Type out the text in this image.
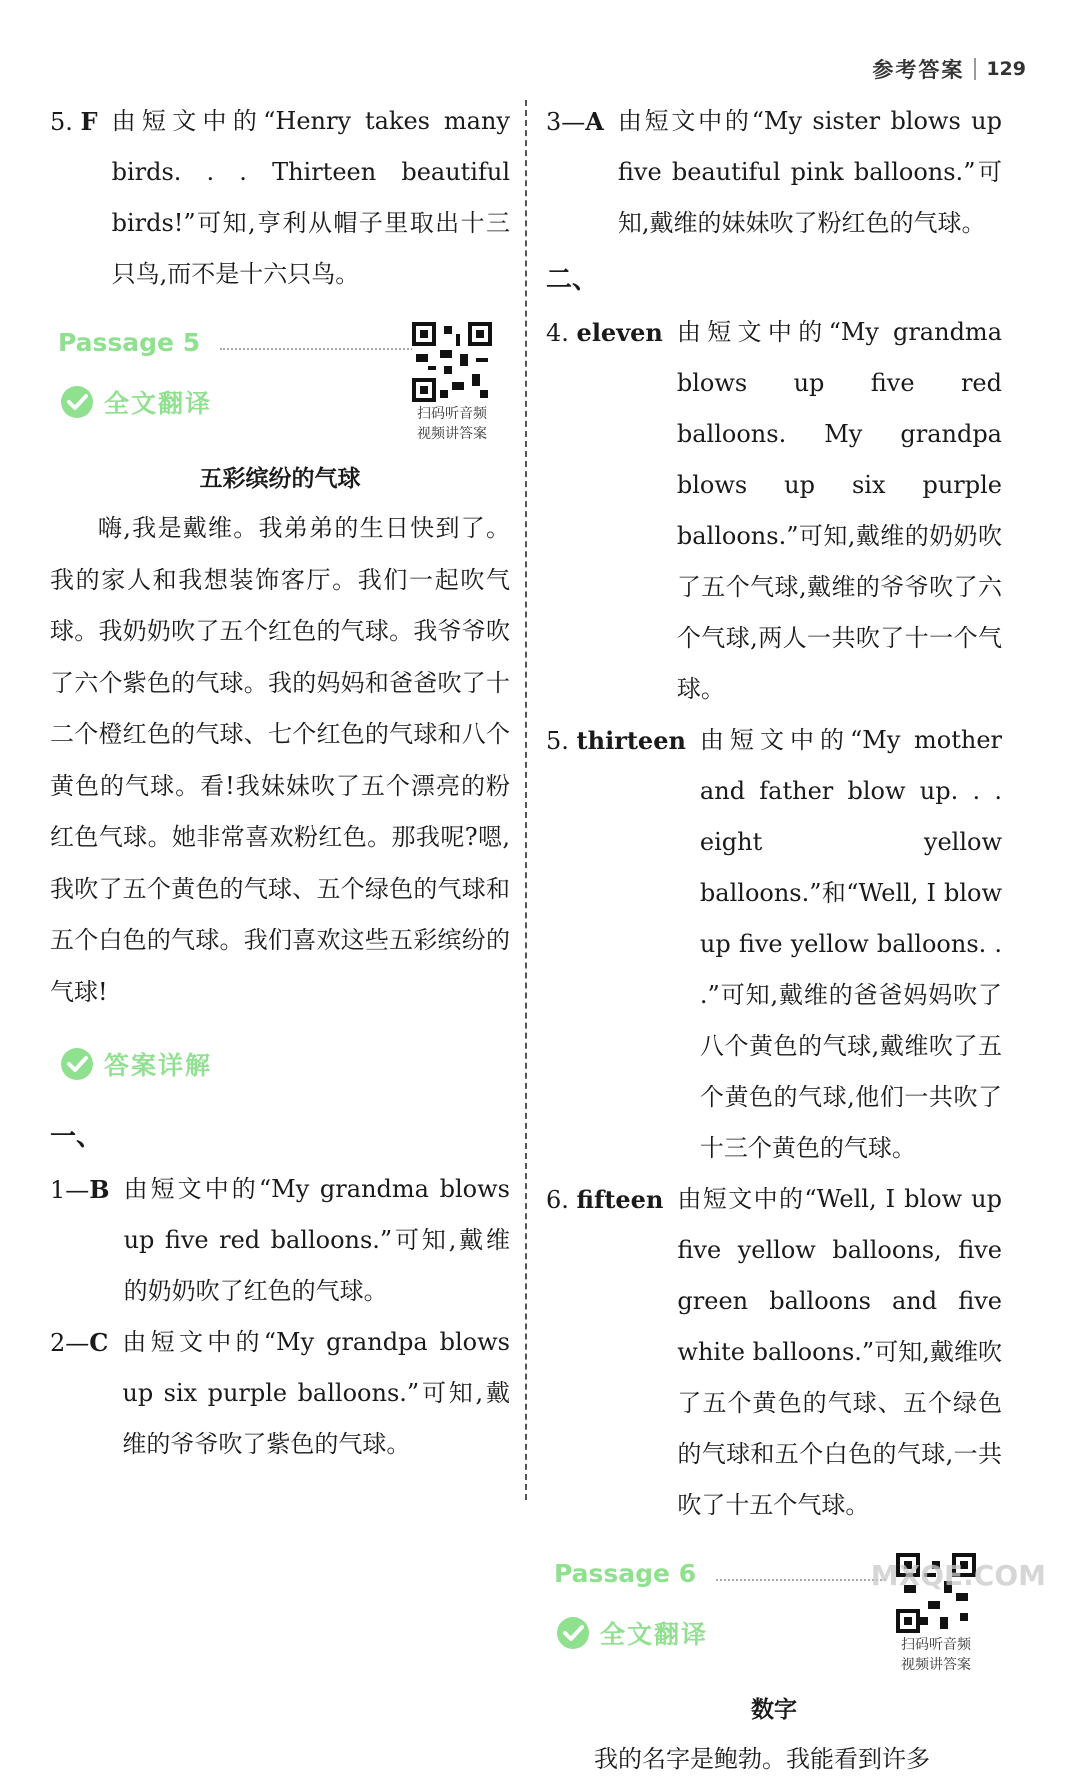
参考答案 129
5. F 由短文中的“Henry takes many birds. . . Thirteen beautiful birds!”可知,亨利从帽子里取出十三只鸟,而不是十六只鸟。
Passage 5
扫码听音频
视频讲答案
全文翻译
五彩缤纷的气球

嗨,我是戴维。我弟弟的生日快到了。我的家人和我想装饰客厅。我们一起吹气球。我奶奶吹了五个红色的气球。我爷爷吹了六个紫色的气球。我的妈妈和爸爸吹了十二个橙红色的气球、七个红色的气球和八个黄色的气球。看!我妹妹吹了五个漂亮的粉红色气球。她非常喜欢粉红色。那我呢?嗯,我吹了五个黄色的气球、五个绿色的气球和五个白色的气球。我们喜欢这些五彩缤纷的气球!

答案详解
一、
1—B 由短文中的“My grandma blows up five red balloons.”可知,戴维的奶奶吹了红色的气球。
2—C 由短文中的“My grandpa blows up six purple balloons.”可知,戴维的爷爷吹了紫色的气球。
3—A 由短文中的“My sister blows up five beautiful pink balloons.”可知,戴维的妹妹吹了粉红色的气球。
二、
4. eleven 由短文中的“My grandma blows up five red balloons. My grandpa blows up six purple balloons.”可知,戴维的奶奶吹了五个气球,戴维的爷爷吹了六个气球,两人一共吹了十一个气球。
5. thirteen 由短文中的“My mother and father blow up. . . eight yellow balloons.”和“Well, I blow up five yellow balloons. . .”可知,戴维的爸爸妈妈吹了八个黄色的气球,戴维吹了五个黄色的气球,他们一共吹了十三个黄色的气球。
6. fifteen 由短文中的“Well, I blow up five yellow balloons, five green balloons and five white balloons.”可知,戴维吹了五个黄色的气球、五个绿色的气球和五个白色的气球,一共吹了十五个气球。
Passage 6
扫码听音频
视频讲答案
全文翻译
数字

我的名字是鲍勃。我能看到许多

MXQE.COM
